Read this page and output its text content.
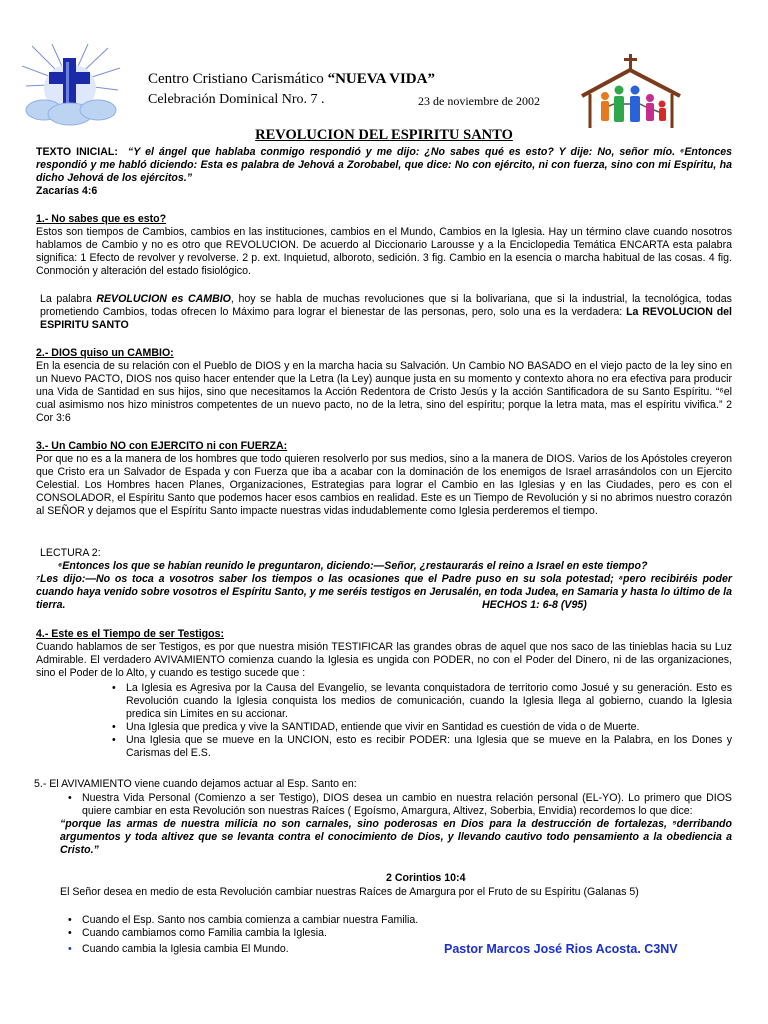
Centro Cristiano Carismático “NUEVA VIDA”
Celebración Dominical Nro. 7 .	23 de noviembre de 2002
REVOLUCION DEL ESPIRITU SANTO

TEXTO INICIAL: “Y el ángel que hablaba conmigo respondió y me dijo: ¿No sabes qué es esto? Y dije: No, señor mío. ⁶Entonces respondió y me habló diciendo: Esta es palabra de Jehová a Zorobabel, que dice: No con ejército, ni con fuerza, sino con mi Espíritu, ha dicho Jehová de los ejércitos.”

Zacarías 4:6

1.- No sabes que es esto?

Estos son tiempos de Cambios, cambios en las instituciones, cambios en el Mundo, Cambios en la Iglesia. Hay un término clave cuando nosotros hablamos de Cambio y no es otro que REVOLUCION. De acuerdo al Diccionario Larousse y a la Enciclopedia Temática ENCARTA esta palabra significa: 1 Efecto de revolver y revolverse. 2 p. ext. Inquietud, alboroto, sedición. 3 fig. Cambio en la esencia o marcha habitual de las cosas. 4 fig. Conmoción y alteración del estado fisiológico.

La palabra REVOLUCION es CAMBIO, hoy se habla de muchas revoluciones que si la bolivariana, que si la industrial, la tecnológica, todas prometiendo Cambios, todas ofrecen lo Máximo para lograr el bienestar de las personas, pero, solo una es la verdadera: La REVOLUCION del ESPIRITU SANTO

2.- DIOS quiso un CAMBIO:

En la esencia de su relación con el Pueblo de DIOS y en la marcha hacia su Salvación. Un Cambio NO BASADO en el viejo pacto de la ley sino en un Nuevo PACTO, DIOS nos quiso hacer entender que la Letra (la Ley) aunque justa en su momento y contexto ahora no era efectiva para producir una Vida de Santidad en sus hijos, sino que necesitamos la Acción Redentora de Cristo Jesús y la acción Santificadora de su Santo Espíritu. “⁶el cual asimismo nos hizo ministros competentes de un nuevo pacto, no de la letra, sino del espíritu; porque la letra mata, mas el espíritu vivifica.” 2 Cor 3:6

3.- Un Cambio NO con EJERCITO ni con FUERZA:

Por que no es a la manera de los hombres que todo quieren resolverlo por sus medios, sino a la manera de DIOS. Varios de los Apóstoles creyeron que Cristo era un Salvador de Espada y con Fuerza que iba a acabar con la dominación de los enemigos de Israel arrasándolos con un Ejercito Celestial. Los Hombres hacen Planes, Organizaciones, Estrategias para lograr el Cambio en las Iglesias y en las Ciudades, pero es con el CONSOLADOR, el Espíritu Santo que podemos hacer esos cambios en realidad. Este es un Tiempo de Revolución y si no abrimos nuestro corazón al SEÑOR y dejamos que el Espíritu Santo impacte nuestras vidas indudablemente como Iglesia perderemos el tiempo.

LECTURA 2:

⁶Entonces los que se habían reunido le preguntaron, diciendo:—Señor, ¿restaurarás el reino a Israel en este tiempo?

⁷Les dijo:—No os toca a vosotros saber los tiempos o las ocasiones que el Padre puso en su sola potestad; ⁸pero recibiréis poder cuando haya venido sobre vosotros el Espíritu Santo, y me seréis testigos en Jerusalén, en toda Judea, en Samaria y hasta lo último de la tierra.	HECHOS 1: 6-8 (V95)

4.- Este es el Tiempo de ser Testigos:

Cuando hablamos de ser Testigos, es por que nuestra misión TESTIFICAR las grandes obras de aquel que nos saco de las tinieblas hacia su Luz Admirable. El verdadero AVIVAMIENTO comienza cuando la Iglesia es ungida con PODER, no con el Poder del Dinero, ni de las organizaciones, sino el Poder de lo Alto, y cuando es testigo sucede que :

• La Iglesia es Agresiva por la Causa del Evangelio, se levanta conquistadora de territorio como Josué y su generación. Esto es Revolución cuando la Iglesia conquista los medios de comunicación, cuando la Iglesia llega al gobierno, cuando la Iglesia predica sin Limites en su accionar.
• Una Iglesia que predica y vive la SANTIDAD, entiende que vivir en Santidad es cuestión de vida o de Muerte.
• Una Iglesia que se mueve en la UNCION, esto es recibir PODER: una Iglesia que se mueve en la Palabra, en los Dones y Carismas del E.S.

5.- El AVIVAMIENTO viene cuando dejamos actuar al Esp. Santo en:

• Nuestra Vida Personal (Comienzo a ser Testigo), DIOS desea un cambio en nuestra relación personal (EL-YO). Lo primero que DIOS quiere cambiar en esta Revolución son nuestras Raíces ( Egoísmo, Amargura, Altivez, Soberbia, Envidia) recordemos lo que dice:

“porque las armas de nuestra milicia no son carnales, sino poderosas en Dios para la destrucción de fortalezas, ⁵derribando argumentos y toda altivez que se levanta contra el conocimiento de Dios, y llevando cautivo todo pensamiento a la obediencia a Cristo.”

2 Corintios 10:4
El Señor desea en medio de esta Revolución cambiar nuestras Raíces de Amargura por el Fruto de su Espíritu (Galanas 5)
• Cuando el Esp. Santo nos cambia comienza a cambiar nuestra Familia.
• Cuando cambiamos como Familia cambia la Iglesia.
• Cuando cambia la Iglesia cambia El Mundo.	Pastor Marcos José Rios Acosta. C3NV
